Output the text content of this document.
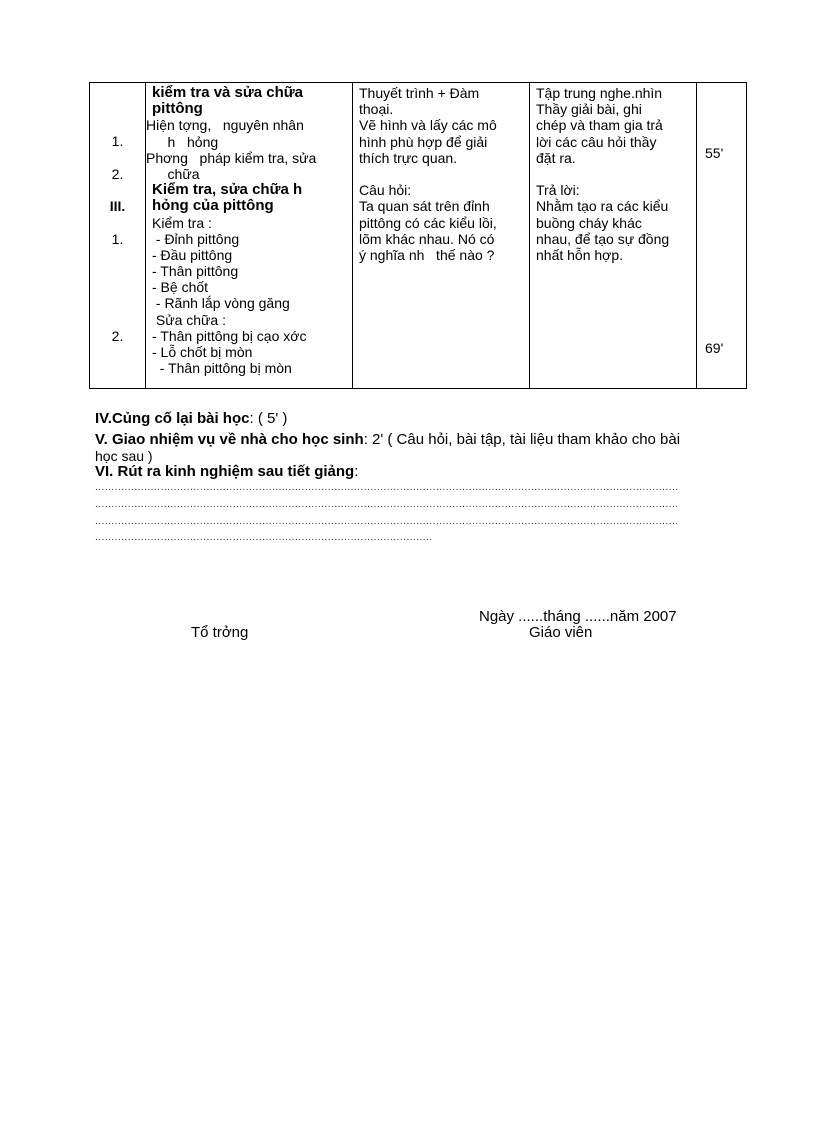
1.
2.
III.
1.
2.
kiểm tra và sửa chữa
pittông
Hiện tợng,   nguyên nhân
h   hỏng
Phơng   pháp kiểm tra, sửa
chữa
Kiểm tra, sửa chữa h
hỏng của pittông
Kiểm tra :
- Đỉnh pittông
- Đầu pittông
- Thân pittông
- Bệ chốt
- Rãnh lắp vòng găng
Sửa chữa :
- Thân pittông bị cạo xớc
- Lỗ chốt bị mòn
- Thân pittông bị mòn
Thuyết trình + Đàm
thoại.
Vẽ hình và lấy các mô
hình phù hợp để giải
thích trực quan.
Câu hỏi:
Ta quan sát trên đỉnh
pittông có các kiểu lồi,
lõm khác nhau. Nó có
ý nghĩa nh   thế nào ?
Tập trung nghe.nhìn
Thầy giải bài, ghi
chép và tham gia trả
lời các câu hỏi thầy
đặt ra.
Trả lời:
Nhằm tạo ra các kiểu
buồng cháy khác
nhau, để tạo sự đồng
nhất hỗn hợp.
55'
69'
IV.Củng cố lại bài học: ( 5' )
V. Giao nhiệm vụ về nhà cho học sinh: 2' ( Câu hỏi, bài tập, tài liệu tham khảo cho bài
học sau )
VI. Rút ra kinh nghiệm sau tiết giảng:
..................................................................................................................................................................................
..................................................................................................................................................................................
..................................................................................................................................................................................
.......................................................................................................
Ngày ......tháng ......năm 2007
Tổ trởng	Giáo viên
